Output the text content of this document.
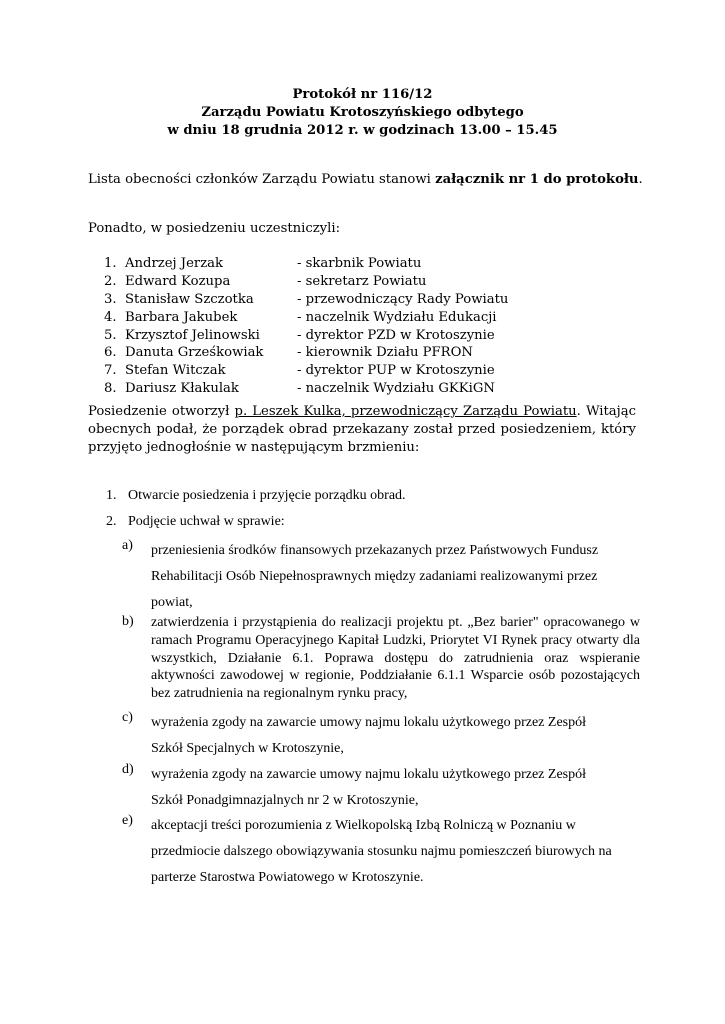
Protokół nr 116/12
Zarządu Powiatu Krotoszyńskiego odbytego
w dniu 18 grudnia 2012 r. w godzinach 13.00 – 15.45
Lista obecności członków Zarządu Powiatu stanowi załącznik nr 1 do protokołu.
Ponadto, w posiedzeniu uczestniczyli:
1. Andrzej Jerzak	- skarbnik Powiatu
2. Edward Kozupa	- sekretarz Powiatu
3. Stanisław Szczotka	- przewodniczący Rady Powiatu
4. Barbara Jakubek	- naczelnik Wydziału Edukacji
5. Krzysztof Jelinowski	- dyrektor PZD w Krotoszynie
6. Danuta Grześkowiak	- kierownik Działu PFRON
7. Stefan Witczak	- dyrektor PUP w Krotoszynie
8. Dariusz Kłakulak	- naczelnik Wydziału GKKiGN
Posiedzenie otworzył p. Leszek Kulka, przewodniczący Zarządu Powiatu. Witając obecnych podał, że porządek obrad przekazany został przed posiedzeniem, który przyjęto jednogłośnie w następującym brzmieniu:
1. Otwarcie posiedzenia i przyjęcie porządku obrad.
2. Podjęcie uchwał w sprawie:
a) przeniesienia środków finansowych przekazanych przez Państwowych Fundusz
Rehabilitacji Osób Niepełnosprawnych między zadaniami realizowanymi przez
powiat,
b) zatwierdzenia i przystąpienia do realizacji projektu pt. „Bez barier" opracowanego w ramach Programu Operacyjnego Kapitał Ludzki, Priorytet VI Rynek pracy otwarty dla wszystkich, Działanie 6.1. Poprawa dostępu do zatrudnienia oraz wspieranie aktywności zawodowej w regionie, Poddziałanie 6.1.1 Wsparcie osób pozostających bez zatrudnienia na regionalnym rynku pracy,
c) wyrażenia zgody na zawarcie umowy najmu lokalu użytkowego przez Zespół
Szkół Specjalnych w Krotoszynie,
d) wyrażenia zgody na zawarcie umowy najmu lokalu użytkowego przez Zespół
Szkół Ponadgimnazjalnych nr 2 w Krotoszynie,
e) akceptacji treści porozumienia z Wielkopolską Izbą Rolniczą w Poznaniu w
przedmiocie dalszego obowiązywania stosunku najmu pomieszczeń biurowych na
parterze Starostwa Powiatowego w Krotoszynie.
